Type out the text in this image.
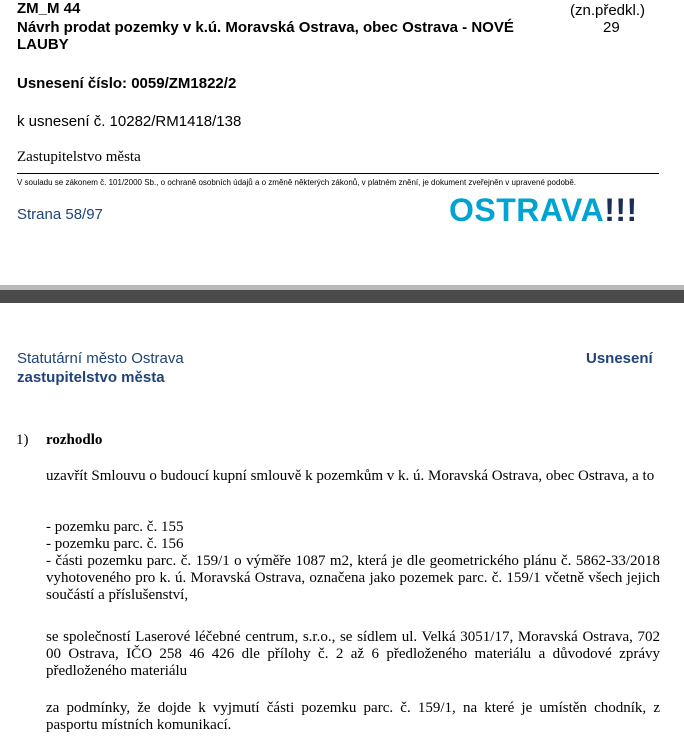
ZM_M 44
Návrh prodat pozemky v k.ú. Moravská Ostrava, obec Ostrava - NOVÉ LAUBY
(zn.předkl.)
29
Usnesení číslo: 0059/ZM1822/2
k usnesení č. 10282/RM1418/138
Zastupitelstvo města
V souladu se zákonem č. 101/2000 Sb., o ochraně osobních údajů a o změně některých zákonů, v platném znění, je dokument zveřejněn v upravené podobě.
Strana 58/97	OSTRAVA!!!
Statutární město Ostrava
zastupitelstvo města
Usnesení
1) rozhodlo
uzavřít Smlouvu o budoucí kupní smlouvě k pozemkům v k. ú. Moravská Ostrava, obec Ostrava, a to
- pozemku parc. č. 155
- pozemku parc. č. 156
- části pozemku parc. č. 159/1 o výměře 1087 m2, která je dle geometrického plánu č. 5862-33/2018 vyhotoveného pro k. ú. Moravská Ostrava, označena jako pozemek parc. č. 159/1 včetně všech jejich součástí a příslušenství,
se společností Laserové léčebné centrum, s.r.o., se sídlem ul. Velká 3051/17, Moravská Ostrava, 702 00 Ostrava, IČO 258 46 426 dle přílohy č. 2 až 6 předloženého materiálu a důvodové zprávy předloženého materiálu
za podmínky, že dojde k vyjmutí části pozemku parc. č. 159/1, na které je umístěn chodník, z pasportu místních komunikací.
